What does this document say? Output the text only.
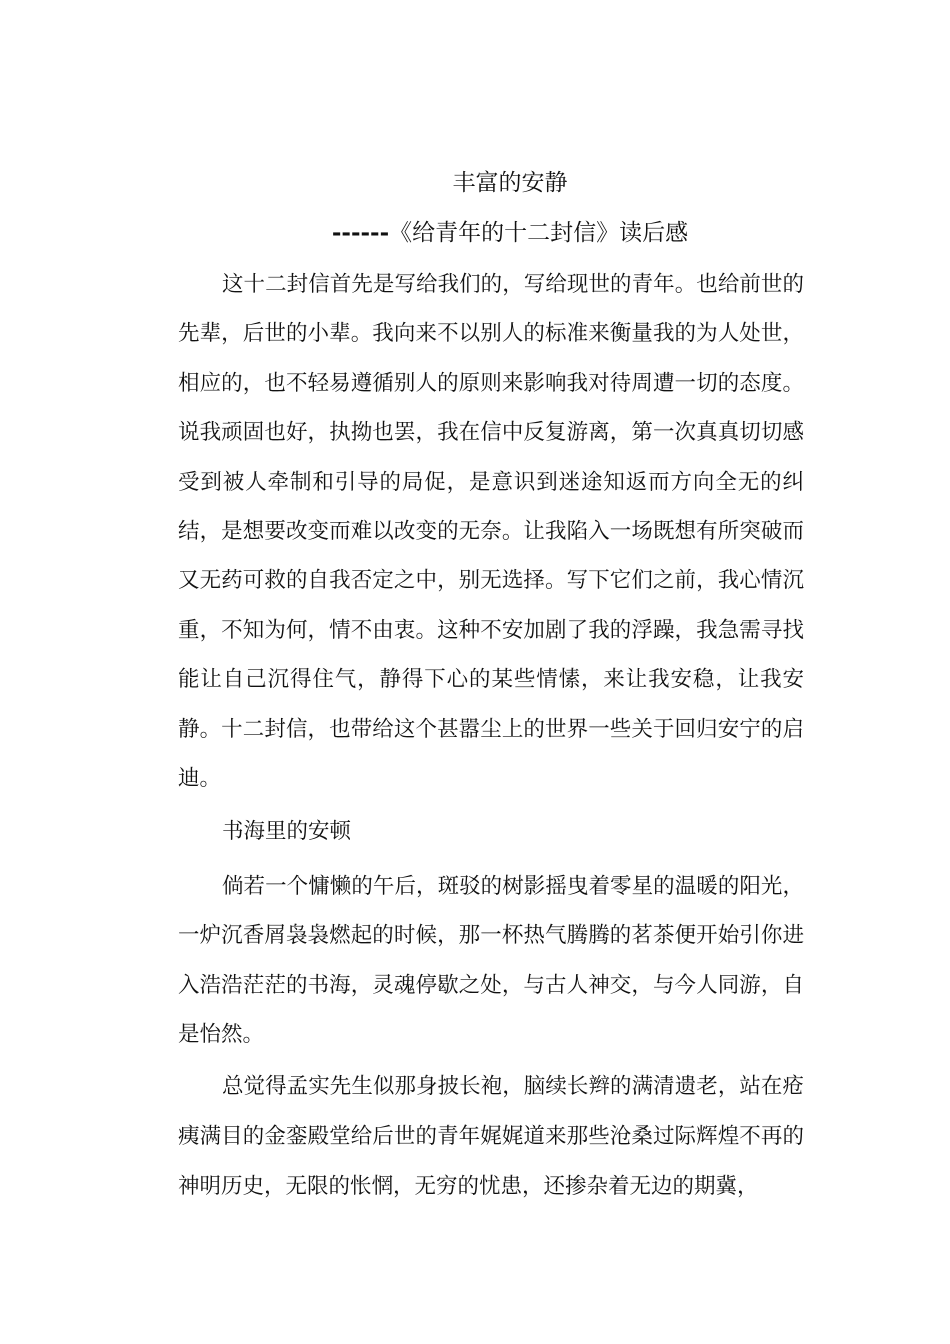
丰富的安静
------《给青年的十二封信》读后感
这十二封信首先是写给我们的，写给现世的青年。也给前世的先辈，后世的小辈。我向来不以别人的标准来衡量我的为人处世，相应的，也不轻易遵循别人的原则来影响我对待周遭一切的态度。说我顽固也好，执拗也罢，我在信中反复游离，第一次真真切切感受到被人牵制和引导的局促，是意识到迷途知返而方向全无的纠结，是想要改变而难以改变的无奈。让我陷入一场既想有所突破而又无药可救的自我否定之中，别无选择。写下它们之前，我心情沉重，不知为何，情不由衷。这种不安加剧了我的浮躁，我急需寻找能让自己沉得住气，静得下心的某些情愫，来让我安稳，让我安静。十二封信，也带给这个甚嚣尘上的世界一些关于回归安宁的启迪。
书海里的安顿
倘若一个慵懒的午后，斑驳的树影摇曳着零星的温暖的阳光，一炉沉香屑袅袅燃起的时候，那一杯热气腾腾的茗茶便开始引你进入浩浩茫茫的书海，灵魂停歇之处，与古人神交，与今人同游，自是怡然。
总觉得孟实先生似那身披长袍，脑续长辫的满清遗老，站在疮痍满目的金銮殿堂给后世的青年娓娓道来那些沧桑过际辉煌不再的神明历史，无限的怅惘，无穷的忧患，还掺杂着无边的期冀，
